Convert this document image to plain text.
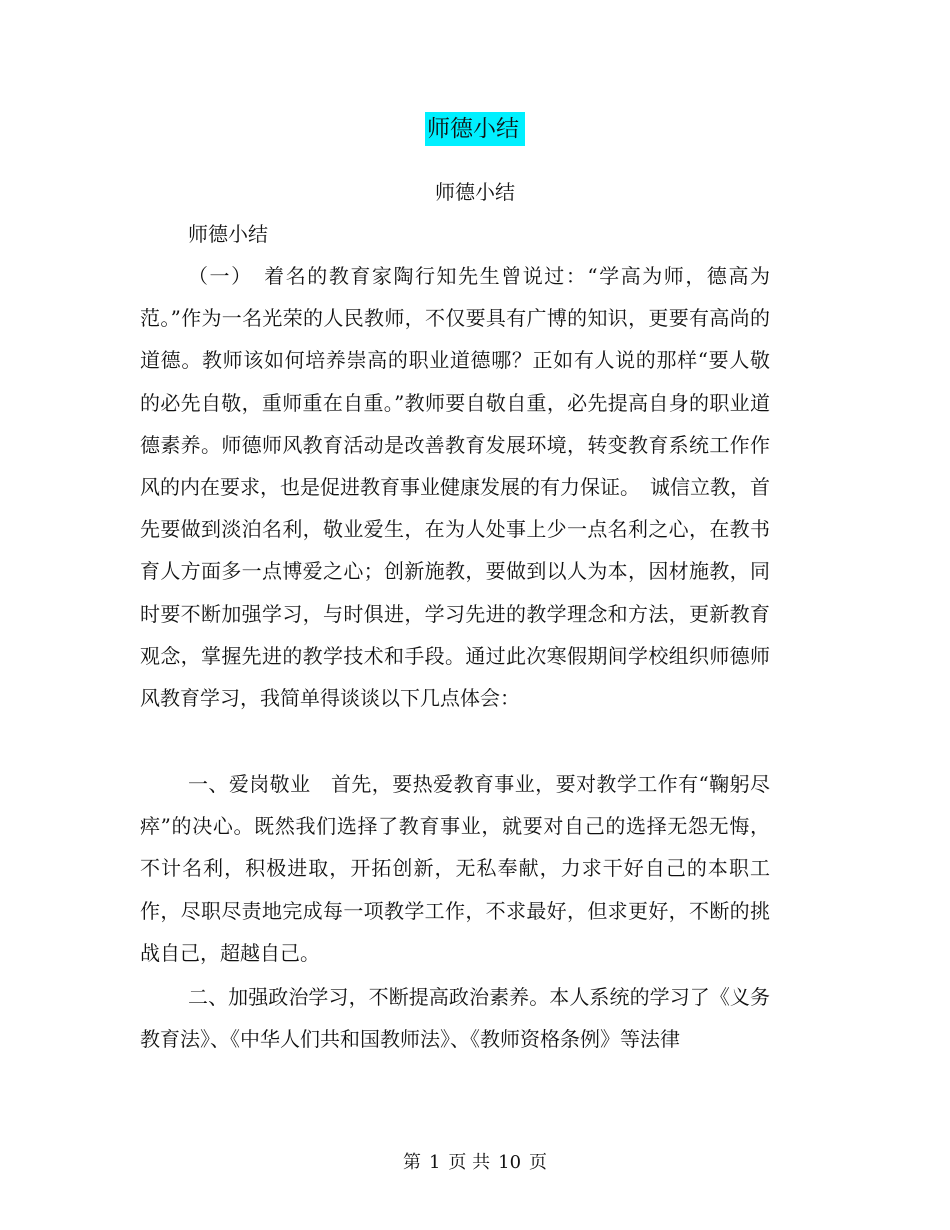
师德小结
师德小结
师德小结

（一）　着名的教育家陶行知先生曾说过：“学高为师，德高为范。”作为一名光荣的人民教师，不仅要具有广博的知识，更要有高尚的道德。教师该如何培养崇高的职业道德哪？正如有人说的那样“要人敬的必先自敬，重师重在自重。”教师要自敬自重，必先提高自身的职业道德素养。师德师风教育活动是改善教育发展环境，转变教育系统工作作风的内在要求，也是促进教育事业健康发展的有力保证。　诚信立教，首先要做到淡泊名利，敬业爱生，在为人处事上少一点名利之心，在教书育人方面多一点博爱之心；创新施教，要做到以人为本，因材施教，同时要不断加强学习，与时俱进，学习先进的教学理念和方法，更新教育观念，掌握先进的教学技术和手段。通过此次寒假期间学校组织师德师风教育学习，我简单得谈谈以下几点体会：

一、爱岗敬业　首先，要热爱教育事业，要对教学工作有“鞠躬尽瘁”的决心。既然我们选择了教育事业，就要对自己的选择无怨无悔，不计名利，积极进取，开拓创新，无私奉献，力求干好自己的本职工作，尽职尽责地完成每一项教学工作，不求最好，但求更好，不断的挑战自己，超越自己。

二、加强政治学习，不断提高政治素养。本人系统的学习了《义务教育法》、《中华人们共和国教师法》、《教师资格条例》等法律

第 1 页 共 10 页
